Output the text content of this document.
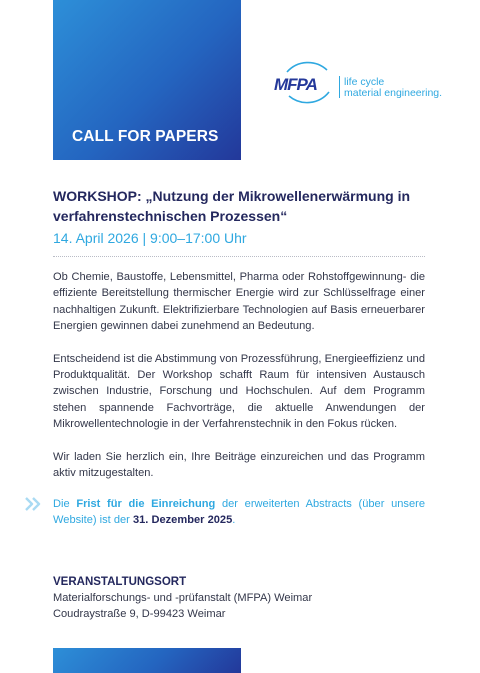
CALL FOR PAPERS
MFPA	life cycle
material engineering.
WORKSHOP: „Nutzung der Mikrowellenerwärmung in
verfahrenstechnischen Prozessen“

14. April 2026 | 9:00–17:00 Uhr

Ob Chemie, Baustoffe, Lebensmittel, Pharma oder Rohstoffgewinnung- die effiziente Bereitstellung thermischer Energie wird zur Schlüsselfrage einer nachhaltigen Zukunft. Elektrifizierbare Technologien auf Basis erneuerbarer Energien gewinnen dabei zunehmend an Bedeutung.

Entscheidend ist die Abstimmung von Prozessführung, Energieeffizienz und Produktqualität. Der Workshop schafft Raum für intensiven Austausch zwischen Industrie, Forschung und Hochschulen. Auf dem Programm stehen spannende Fachvorträge, die aktuelle Anwendungen der Mikrowellentechnologie in der Verfahrenstechnik in den Fokus rücken.

Wir laden Sie herzlich ein, Ihre Beiträge einzureichen und das Programm aktiv mitzugestalten.

Die Frist für die Einreichung der erweiterten Abstracts (über unsere Website) ist der 31. Dezember 2025.

VERANSTALTUNGSORT

Materialforschungs- und -prüfanstalt (MFPA) Weimar

Coudraystraße 9, D-99423 Weimar
